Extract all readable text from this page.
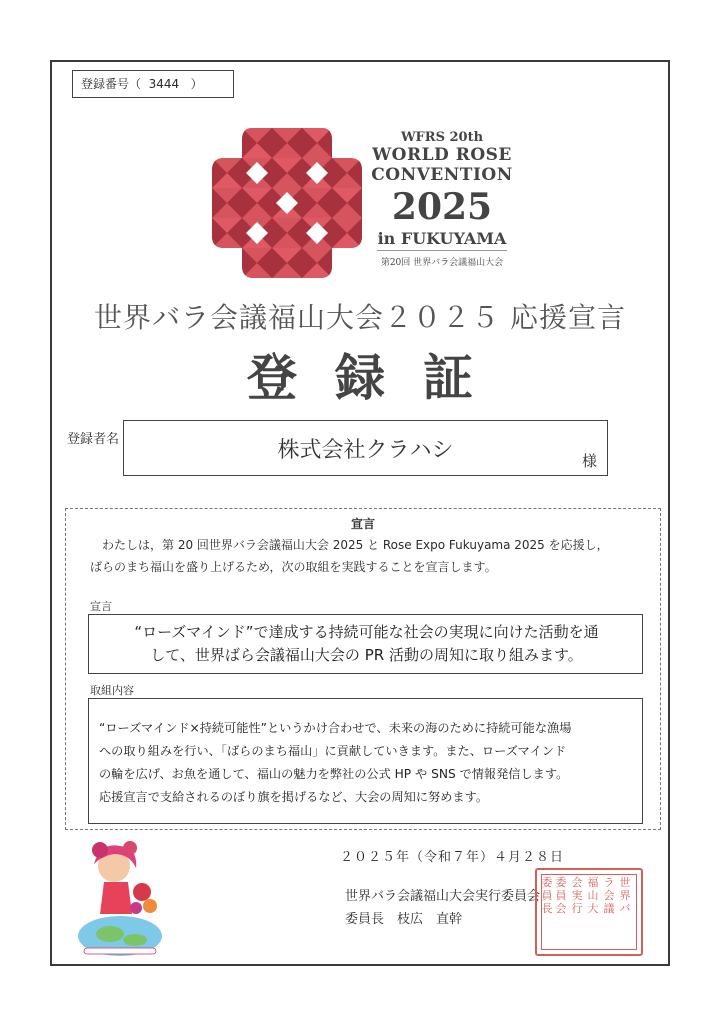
登録番号（ 3444 ）
WFRS 20th
WORLD ROSE
CONVENTION
2025
in FUKUYAMA
第20回 世界バラ会議福山大会
世界バラ会議福山大会２０２５ 応援宣言
登録証
登録者名	株式会社クラハシ	様
宣言

わたしは，第 20 回世界バラ会議福山大会 2025 と Rose Expo Fukuyama 2025 を応援し，

ばらのまち福山を盛り上げるため，次の取組を実践することを宣言します。

宣言
“ローズマインド”で達成する持続可能な社会の実現に向けた活動を通
して、世界ばら会議福山大会の PR 活動の周知に取り組みます。
取組内容
“ローズマインド×持続可能性”というかけ合わせで、未来の海のために持続可能な漁場
への取り組みを行い、「ばらのまち福山」に貢献していきます。また、ローズマインド
の輪を広げ、お魚を通して、福山の魅力を弊社の公式 HP や SNS で情報発信します。
応援宣言で支給されるのぼり旗を掲げるなど、大会の周知に努めます。
２０２５年（令和７年）４月２８日
世界バラ会議福山大会実行委員会
委員長　枝広　直幹
世界バ
ラ会議
福山大
会実行
委員会
委員長
